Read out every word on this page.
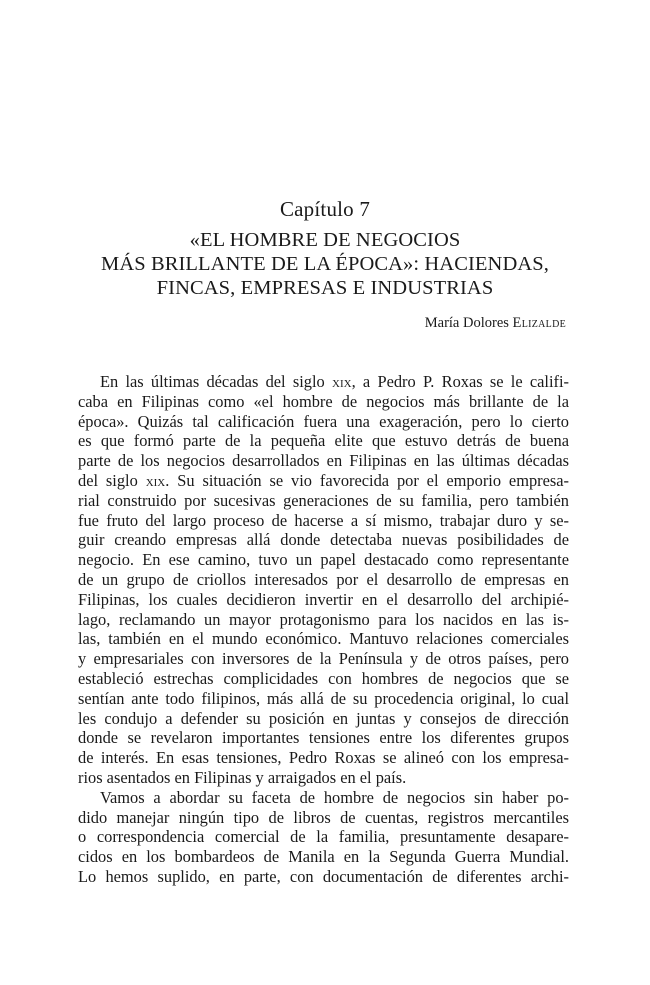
Capítulo 7
«EL HOMBRE DE NEGOCIOS
MÁS BRILLANTE DE LA ÉPOCA»: HACIENDAS,
FINCAS, EMPRESAS E INDUSTRIAS
María Dolores Elizalde
En las últimas décadas del siglo xix, a Pedro P. Roxas se le califi-
caba en Filipinas como «el hombre de negocios más brillante de la
época». Quizás tal calificación fuera una exageración, pero lo cierto
es que formó parte de la pequeña elite que estuvo detrás de buena
parte de los negocios desarrollados en Filipinas en las últimas décadas
del siglo xix. Su situación se vio favorecida por el emporio empresa-
rial construido por sucesivas generaciones de su familia, pero también
fue fruto del largo proceso de hacerse a sí mismo, trabajar duro y se-
guir creando empresas allá donde detectaba nuevas posibilidades de
negocio. En ese camino, tuvo un papel destacado como representante
de un grupo de criollos interesados por el desarrollo de empresas en
Filipinas, los cuales decidieron invertir en el desarrollo del archipié-
lago, reclamando un mayor protagonismo para los nacidos en las is-
las, también en el mundo económico. Mantuvo relaciones comerciales
y empresariales con inversores de la Península y de otros países, pero
estableció estrechas complicidades con hombres de negocios que se
sentían ante todo filipinos, más allá de su procedencia original, lo cual
les condujo a defender su posición en juntas y consejos de dirección
donde se revelaron importantes tensiones entre los diferentes grupos
de interés. En esas tensiones, Pedro Roxas se alineó con los empresa-
rios asentados en Filipinas y arraigados en el país.
Vamos a abordar su faceta de hombre de negocios sin haber po-
dido manejar ningún tipo de libros de cuentas, registros mercantiles
o correspondencia comercial de la familia, presuntamente desapare-
cidos en los bombardeos de Manila en la Segunda Guerra Mundial.
Lo hemos suplido, en parte, con documentación de diferentes archi-
